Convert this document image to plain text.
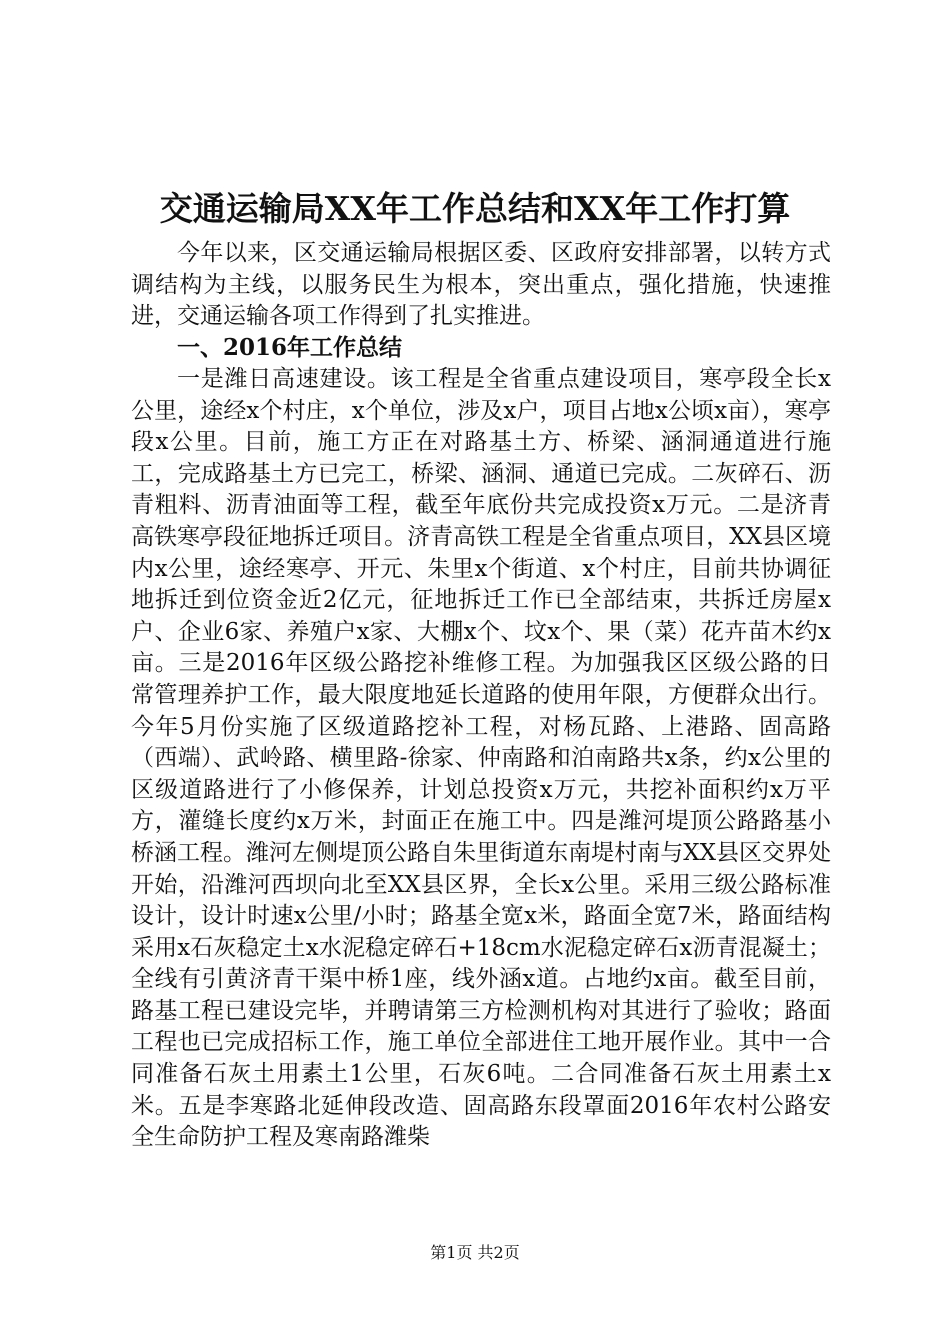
交通运输局XX年工作总结和XX年工作打算
今年以来，区交通运输局根据区委、区政府安排部署，以转方式调结构为主线，以服务民生为根本，突出重点，强化措施，快速推进，交通运输各项工作得到了扎实推进。
一、2016年工作总结
一是潍日高速建设。该工程是全省重点建设项目，寒亭段全长x公里，途经x个村庄，x个单位，涉及x户，项目占地x公顷x亩），寒亭段x公里。目前，施工方正在对路基土方、桥梁、涵洞通道进行施工，完成路基土方已完工，桥梁、涵洞、通道已完成。二灰碎石、沥青粗料、沥青油面等工程，截至年底份共完成投资x万元。二是济青高铁寒亭段征地拆迁项目。济青高铁工程是全省重点项目，XX县区境内x公里，途经寒亭、开元、朱里x个街道、x个村庄，目前共协调征地拆迁到位资金近2亿元，征地拆迁工作已全部结束，共拆迁房屋x户、企业6家、养殖户x家、大棚x个、坟x个、果（菜）花卉苗木约x亩。三是2016年区级公路挖补维修工程。为加强我区区级公路的日常管理养护工作，最大限度地延长道路的使用年限，方便群众出行。今年5月份实施了区级道路挖补工程，对杨瓦路、上港路、固高路（西端）、武岭路、横里路-徐家、仲南路和泊南路共x条，约x公里的区级道路进行了小修保养，计划总投资x万元，共挖补面积约x万平方，灌缝长度约x万米，封面正在施工中。四是潍河堤顶公路路基小桥涵工程。潍河左侧堤顶公路自朱里街道东南堤村南与XX县区交界处开始，沿潍河西坝向北至XX县区界，全长x公里。采用三级公路标准设计，设计时速x公里/小时；路基全宽x米，路面全宽7米，路面结构采用x石灰稳定土x水泥稳定碎石+18cm水泥稳定碎石x沥青混凝土；全线有引黄济青干渠中桥1座，线外涵x道。占地约x亩。截至目前，路基工程已建设完毕，并聘请第三方检测机构对其进行了验收；路面工程也已完成招标工作，施工单位全部进住工地开展作业。其中一合同准备石灰土用素土1公里，石灰6吨。二合同准备石灰土用素土x米。五是李寒路北延伸段改造、固高路东段罩面2016年农村公路安全生命防护工程及寒南路潍柴
第1页 共2页
